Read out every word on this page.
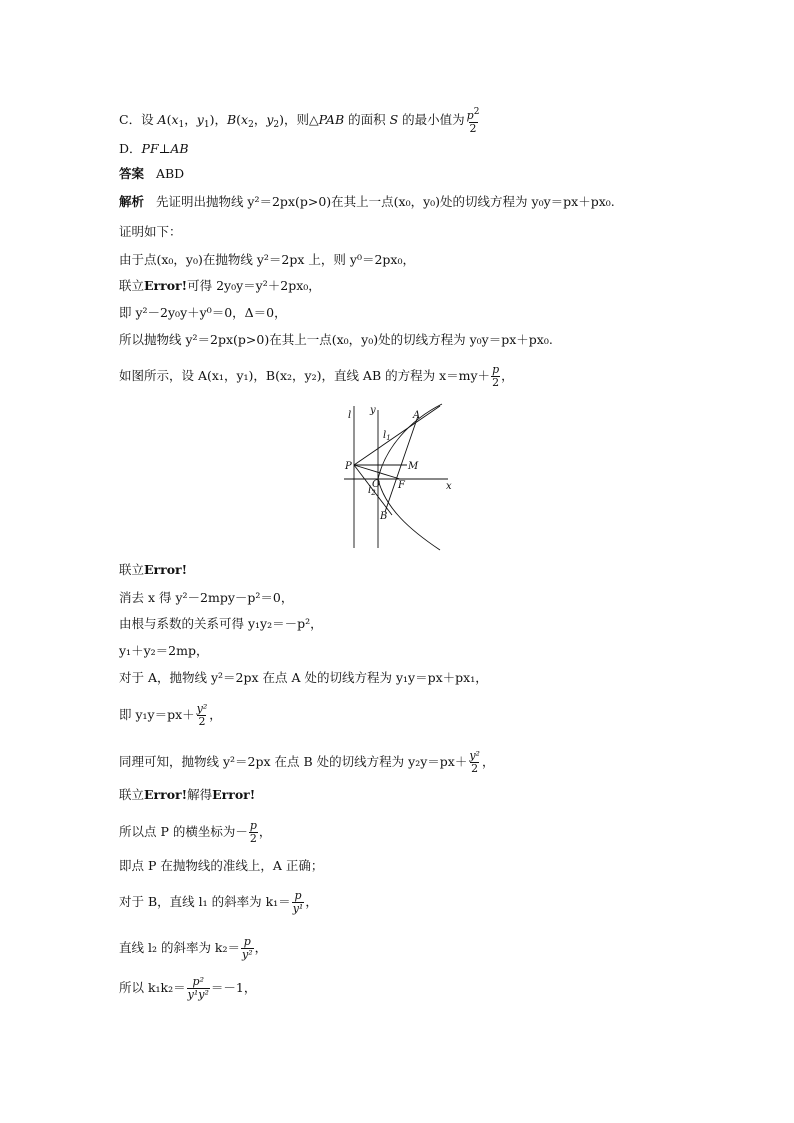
C．设 $A(x_1$，$y_1$)，$B(x_2$，$y_2$)，则△PAB 的面积 S 的最小值为 $\frac{p^2}{2}$
D．PF⊥AB
答案 ABD
解析 先证明出抛物线 y²＝2px(p>0)在其上一点(x₀，y₀)处的切线方程为 y₀y＝px＋px₀.
证明如下：
由于点(x₀，y₀)在抛物线 y²＝2px 上，则 y⁰＝2px₀，
联立Error!可得 2y₀y＝y²＋2px₀，
即 y²－2y₀y＋y⁰＝0，Δ＝0，
所以抛物线 y²＝2px(p>0)在其上一点(x₀，y₀)处的切线方程为 y₀y＝px＋px₀.
如图所示，设 A(x₁，y₁)，B(x₂，y₂)，直线 AB 的方程为 $x=my+ \frac{p}{2}$ ，
l y
x
A
B
P	M
O F
$l_1$
$l_2$
联立Error!
消去 x 得 y²－2mpy－p²＝0，
由根与系数的关系可得 y₁y₂＝－p²，
y₁＋y₂＝2mp，
对于 A，抛物线 y²＝2px 在点 A 处的切线方程为 y₁y＝px＋px₁，
即 $y_1y=px+ \frac{\text{y²}}{2}$ ，
同理可知，抛物线 y²＝2px 在点 B 处的切线方程为 $y_2y=px+ \frac{\text{y²}}{2}$ ，
联立Error!解得Error!
所以点 P 的横坐标为－ $\frac{p}{2}$ ，
即点 P 在抛物线的准线上，A 正确；
对于 B，直线 l₁ 的斜率为 $k_1= \frac{p}{\text{y¹}}$ ，
直线 l₂ 的斜率为 $k_2= \frac{p}{\text{y²}}$ ，
所以 $k_1k_2= \frac{\text{p²}}{\text{y¹y²}} =-1$，
